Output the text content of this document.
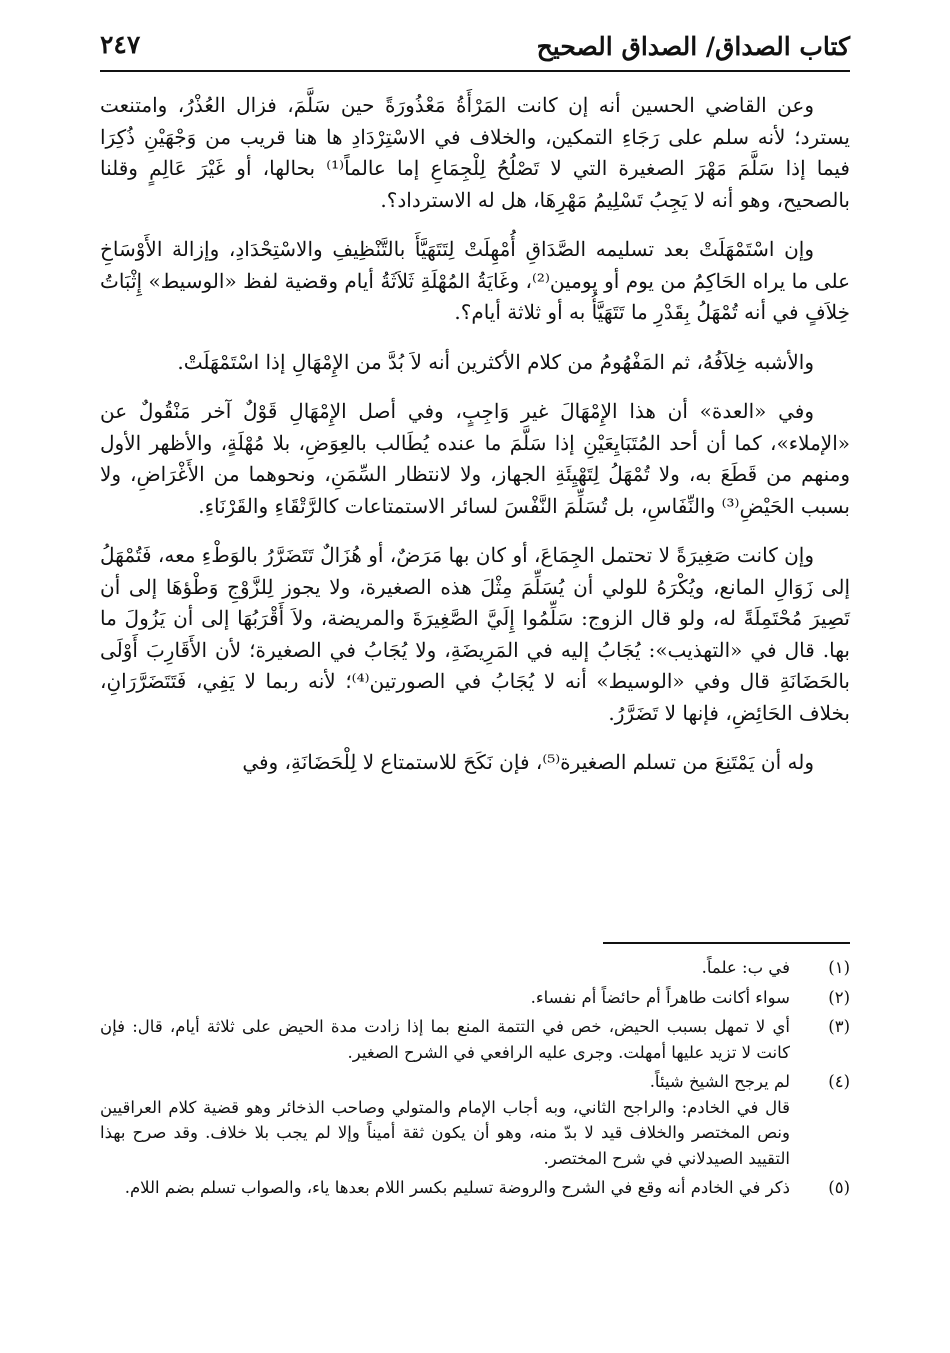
كتاب الصداق/ الصداق الصحيح
٢٤٧

وعن القاضي الحسين أنه إن كانت المَرْأَةُ مَعْذُورَةً حين سَلَّمَ، فزال العُذْرُ، وامتنعت يسترد؛ لأنه سلم على رَجَاءِ التمكين، والخلاف في الاسْتِرْدَادِ ها هنا قريب من وَجْهَيْنِ ذُكِرَا فيما إذا سَلَّمَ مَهْرَ الصغيرة التي لا تَصْلُحُ لِلْجِمَاعِ إما عالماً⁽¹⁾ بحالها، أو غَيْرَ عَالِمٍ وقلنا بالصحيح، وهو أنه لا يَجِبُ تَسْلِيمُ مَهْرِهَا، هل له الاسترداد؟.

وإن اسْتَمْهَلَتْ بعد تسليمه الصَّدَاقِ أُمْهِلَتْ لِتَتَهَيَّأَ بالتَّنْظِيفِ والاسْتِحْدَادِ، وإزالة الأَوْسَاخِ على ما يراه الحَاكِمُ من يوم أو يومين⁽²⁾، وغَايَةُ المُهْلَةِ ثَلاَثَةُ أيام وقضية لفظ «الوسيط» إِثْبَاتُ خِلاَفٍ في أنه تُمْهَلُ بِقَدْرِ ما تَتَهَيَّأُ به أو ثلاثة أيام؟.

والأشبه خِلاَفُهُ، ثم المَفْهُومُ من كلام الأكثرين أنه لاَ بُدَّ من الإِمْهَالِ إذا اسْتَمْهَلَتْ.

وفي «العدة» أن هذا الإِمْهَالَ غير وَاجِبٍ، وفي أصل الإِمْهَالِ قَوْلٌ آخر مَنْقُولٌ عن «الإملاء»، كما أن أحد المُتَبَايِعَيْنِ إذا سَلَّمَ ما عنده يُطَالب بالعِوَضِ، بلا مُهْلَةٍ، والأظهر الأول ومنهم من قَطَعَ به، ولا تُمْهَلُ لِتَهْيِئَةِ الجهاز، ولا لانتظار السِّمَنِ، ونحوهما من الأَغْرَاضِ، ولا بسبب الحَيْضِ⁽³⁾ والنِّفَاسِ، بل تُسَلِّمَ النَّفْسَ لسائر الاستمتاعات كالرَّتْقَاءِ والقَرْنَاءِ.

وإن كانت صَغِيرَةً لا تحتمل الجِمَاعَ، أو كان بها مَرَضٌ، أو هُزَالٌ تَتَضَرَّرُ بالوَطْءِ معه، فَتُمْهَلُ إلى زَوَالِ المانع، ويُكْرَهُ للولي أن يُسَلِّمَ مِثْلَ هذه الصغيرة، ولا يجوز لِلزَّوْجِ وَطْؤهَا إلى أن تَصِيرَ مُحْتَمِلَةً له، ولو قال الزوج: سَلِّمُوا إِلَيَّ الصَّغِيرَةَ والمريضة، ولاَ أَقْرَبُهَا إلى أن يَزُولَ ما بها. قال في «التهذيب»: يُجَابُ إليه في المَرِيضَةِ، ولا يُجَابُ في الصغيرة؛ لأن الأَقَارِبَ أَوْلَى بالحَضَانَةِ قال وفي «الوسيط» أنه لا يُجَابُ في الصورتين⁽⁴⁾؛ لأنه ربما لا يَفِي، فَتَتَضَرَّرَانِ، بخلاف الحَائِضِ، فإنها لا تَضَرَّرُ.

وله أن يَمْتَنِعَ من تسلم الصغيرة⁽⁵⁾، فإن نَكَحَ للاستمتاع لا لِلْحَضَانَةِ، وفي

(١)
في ب: علماً.
(٢)
سواء أكانت طاهراً أم حائضاً أم نفساء.
(٣)
أي لا تمهل بسبب الحيض، خص في التتمة المنع بما إذا زادت مدة الحيض على ثلاثة أيام، قال: فإن كانت لا تزيد عليها أمهلت. وجرى عليه الرافعي في الشرح الصغير.
(٤)
لم يرجح الشيخ شيئاً.
قال في الخادم: والراجح الثاني، وبه أجاب الإمام والمتولي وصاحب الذخائر وهو قضية كلام العراقيين ونص المختصر والخلاف قيد لا بدّ منه، وهو أن يكون ثقة أميناً وإلا لم يجب بلا خلاف. وقد صرح بهذا التقييد الصيدلاني في شرح المختصر.
(٥)
ذكر في الخادم أنه وقع في الشرح والروضة تسليم بكسر اللام بعدها ياء، والصواب تسلم بضم اللام.
